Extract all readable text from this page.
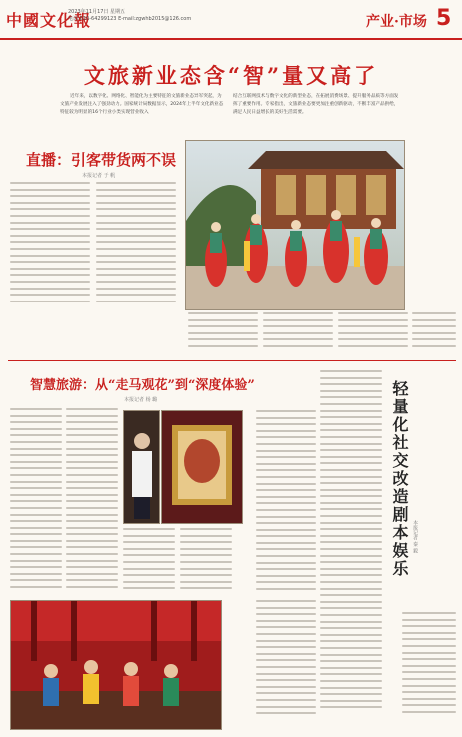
中國文化報
2023年11月17日 星期五
电话:010-64299123 E-mail:zgwhb2015@126.com	产业·市场 5
文旅新业态含“智”量又高了
近年来，以数字化、网络化、智能化为主要特征的文旅新业态异军突起，为文旅产业发展注入了强劲动力。国家统计局数据显示，2024年上半年文化新业态特征较为明显的16个行业小类实现营业收入
结合互联网技术与数字文化的新型业态，在拓展消费场景、提升服务品质等方面发挥了重要作用。专家指出，文旅新业态要更加注重创新驱动，不断丰富产品供给，满足人民日益增长的美好生活需要。
直播：引客带货两不误
本报记者 于 帆
智慧旅游：从“走马观花”到“深度体验”
本报记者 杨 璐	轻量化社交改造剧本娱乐 本报记者 秦 毅
